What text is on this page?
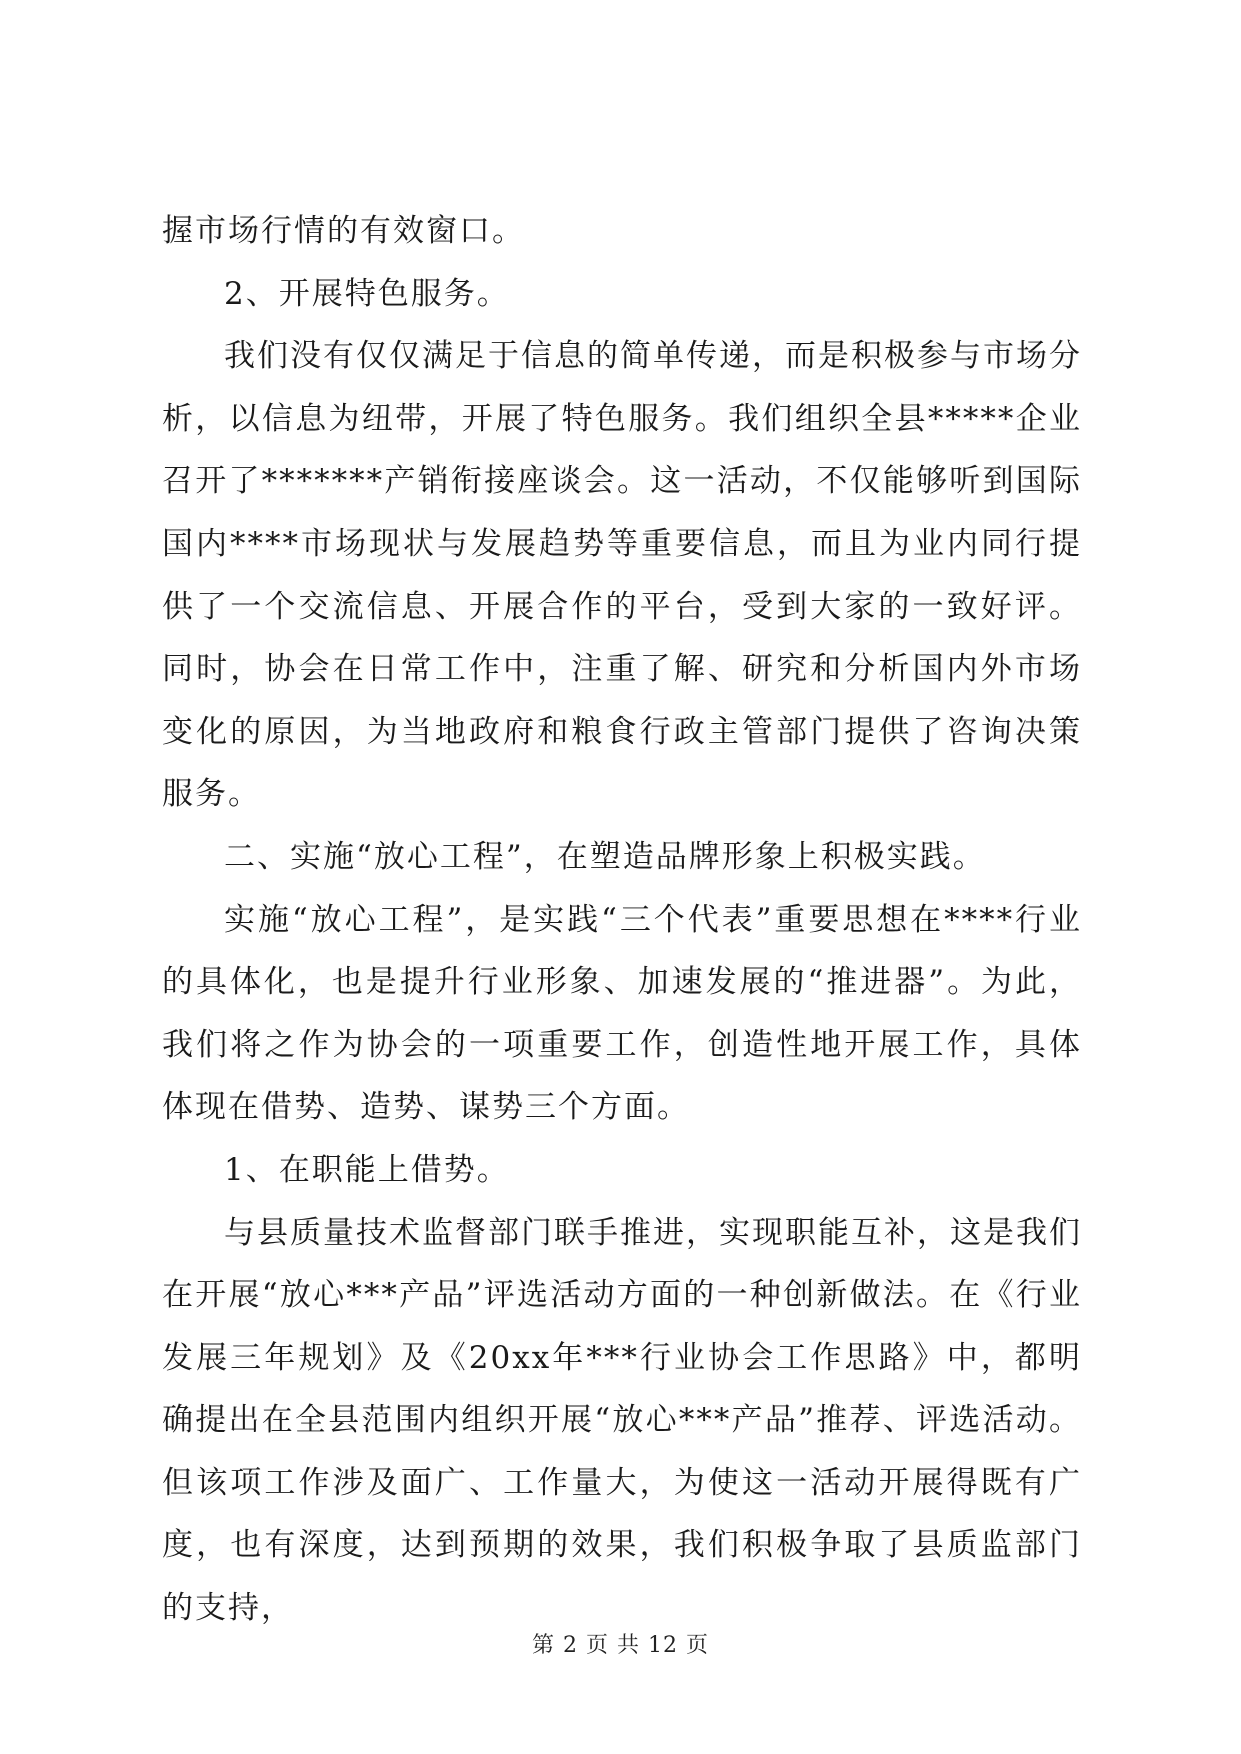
握市场行情的有效窗口。

2、开展特色服务。

我们没有仅仅满足于信息的简单传递，而是积极参与市场分析，以信息为纽带，开展了特色服务。我们组织全县*****企业召开了*******产销衔接座谈会。这一活动，不仅能够听到国际国内****市场现状与发展趋势等重要信息，而且为业内同行提供了一个交流信息、开展合作的平台，受到大家的一致好评。同时，协会在日常工作中，注重了解、研究和分析国内外市场变化的原因，为当地政府和粮食行政主管部门提供了咨询决策服务。

二、实施“放心工程”，在塑造品牌形象上积极实践。

实施“放心工程”，是实践“三个代表”重要思想在****行业的具体化，也是提升行业形象、加速发展的“推进器”。为此，我们将之作为协会的一项重要工作，创造性地开展工作，具体体现在借势、造势、谋势三个方面。

1、在职能上借势。

与县质量技术监督部门联手推进，实现职能互补，这是我们在开展“放心***产品”评选活动方面的一种创新做法。在《行业发展三年规划》及《20xx年***行业协会工作思路》中，都明确提出在全县范围内组织开展“放心***产品”推荐、评选活动。但该项工作涉及面广、工作量大，为使这一活动开展得既有广度，也有深度，达到预期的效果，我们积极争取了县质监部门的支持，

第 2 页 共 12 页
